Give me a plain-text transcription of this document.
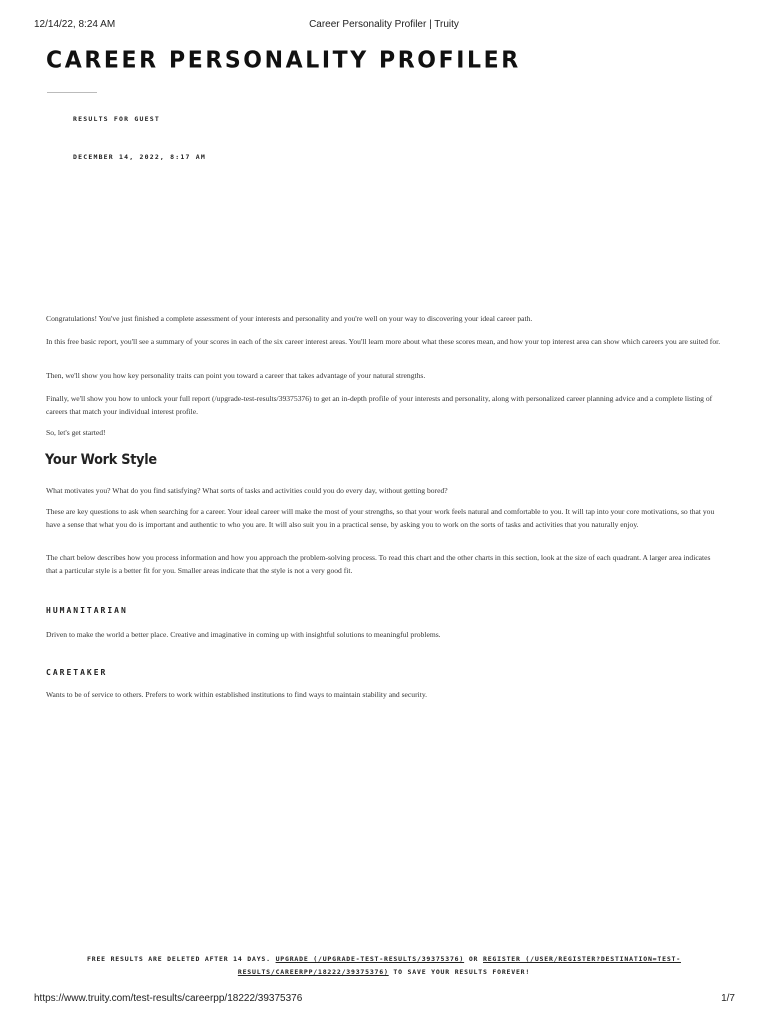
12/14/22, 8:24 AM	Career Personality Profiler | Truity
CAREER PERSONALITY PROFILER
RESULTS FOR GUEST
DECEMBER 14, 2022, 8:17 AM

Congratulations! You've just finished a complete assessment of your interests and personality and you're well on your way to discovering your ideal career path.

In this free basic report, you'll see a summary of your scores in each of the six career interest areas. You'll learn more about what these scores mean, and how your top interest area can show which careers you are suited for.

Then, we'll show you how key personality traits can point you toward a career that takes advantage of your natural strengths.

Finally, we'll show you how to unlock your full report (/upgrade-test-results/39375376) to get an in-depth profile of your interests and personality, along with personalized career planning advice and a complete listing of careers that match your individual interest profile.

So, let's get started!

Your Work Style

What motivates you? What do you find satisfying? What sorts of tasks and activities could you do every day, without getting bored?

These are key questions to ask when searching for a career. Your ideal career will make the most of your strengths, so that your work feels natural and comfortable to you. It will tap into your core motivations, so that you have a sense that what you do is important and authentic to who you are. It will also suit you in a practical sense, by asking you to work on the sorts of tasks and activities that you naturally enjoy.

The chart below describes how you process information and how you approach the problem-solving process. To read this chart and the other charts in this section, look at the size of each quadrant. A larger area indicates that a particular style is a better fit for you. Smaller areas indicate that the style is not a very good fit.

HUMANITARIAN

Driven to make the world a better place. Creative and imaginative in coming up with insightful solutions to meaningful problems.

CARETAKER

Wants to be of service to others. Prefers to work within established institutions to find ways to maintain stability and security.

FREE RESULTS ARE DELETED AFTER 14 DAYS. UPGRADE (/UPGRADE-TEST-RESULTS/39375376) OR REGISTER (/USER/REGISTER?DESTINATION=TEST-RESULTS/CAREERPP/18222/39375376) TO SAVE YOUR RESULTS FOREVER!
https://www.truity.com/test-results/careerpp/18222/39375376	1/7
